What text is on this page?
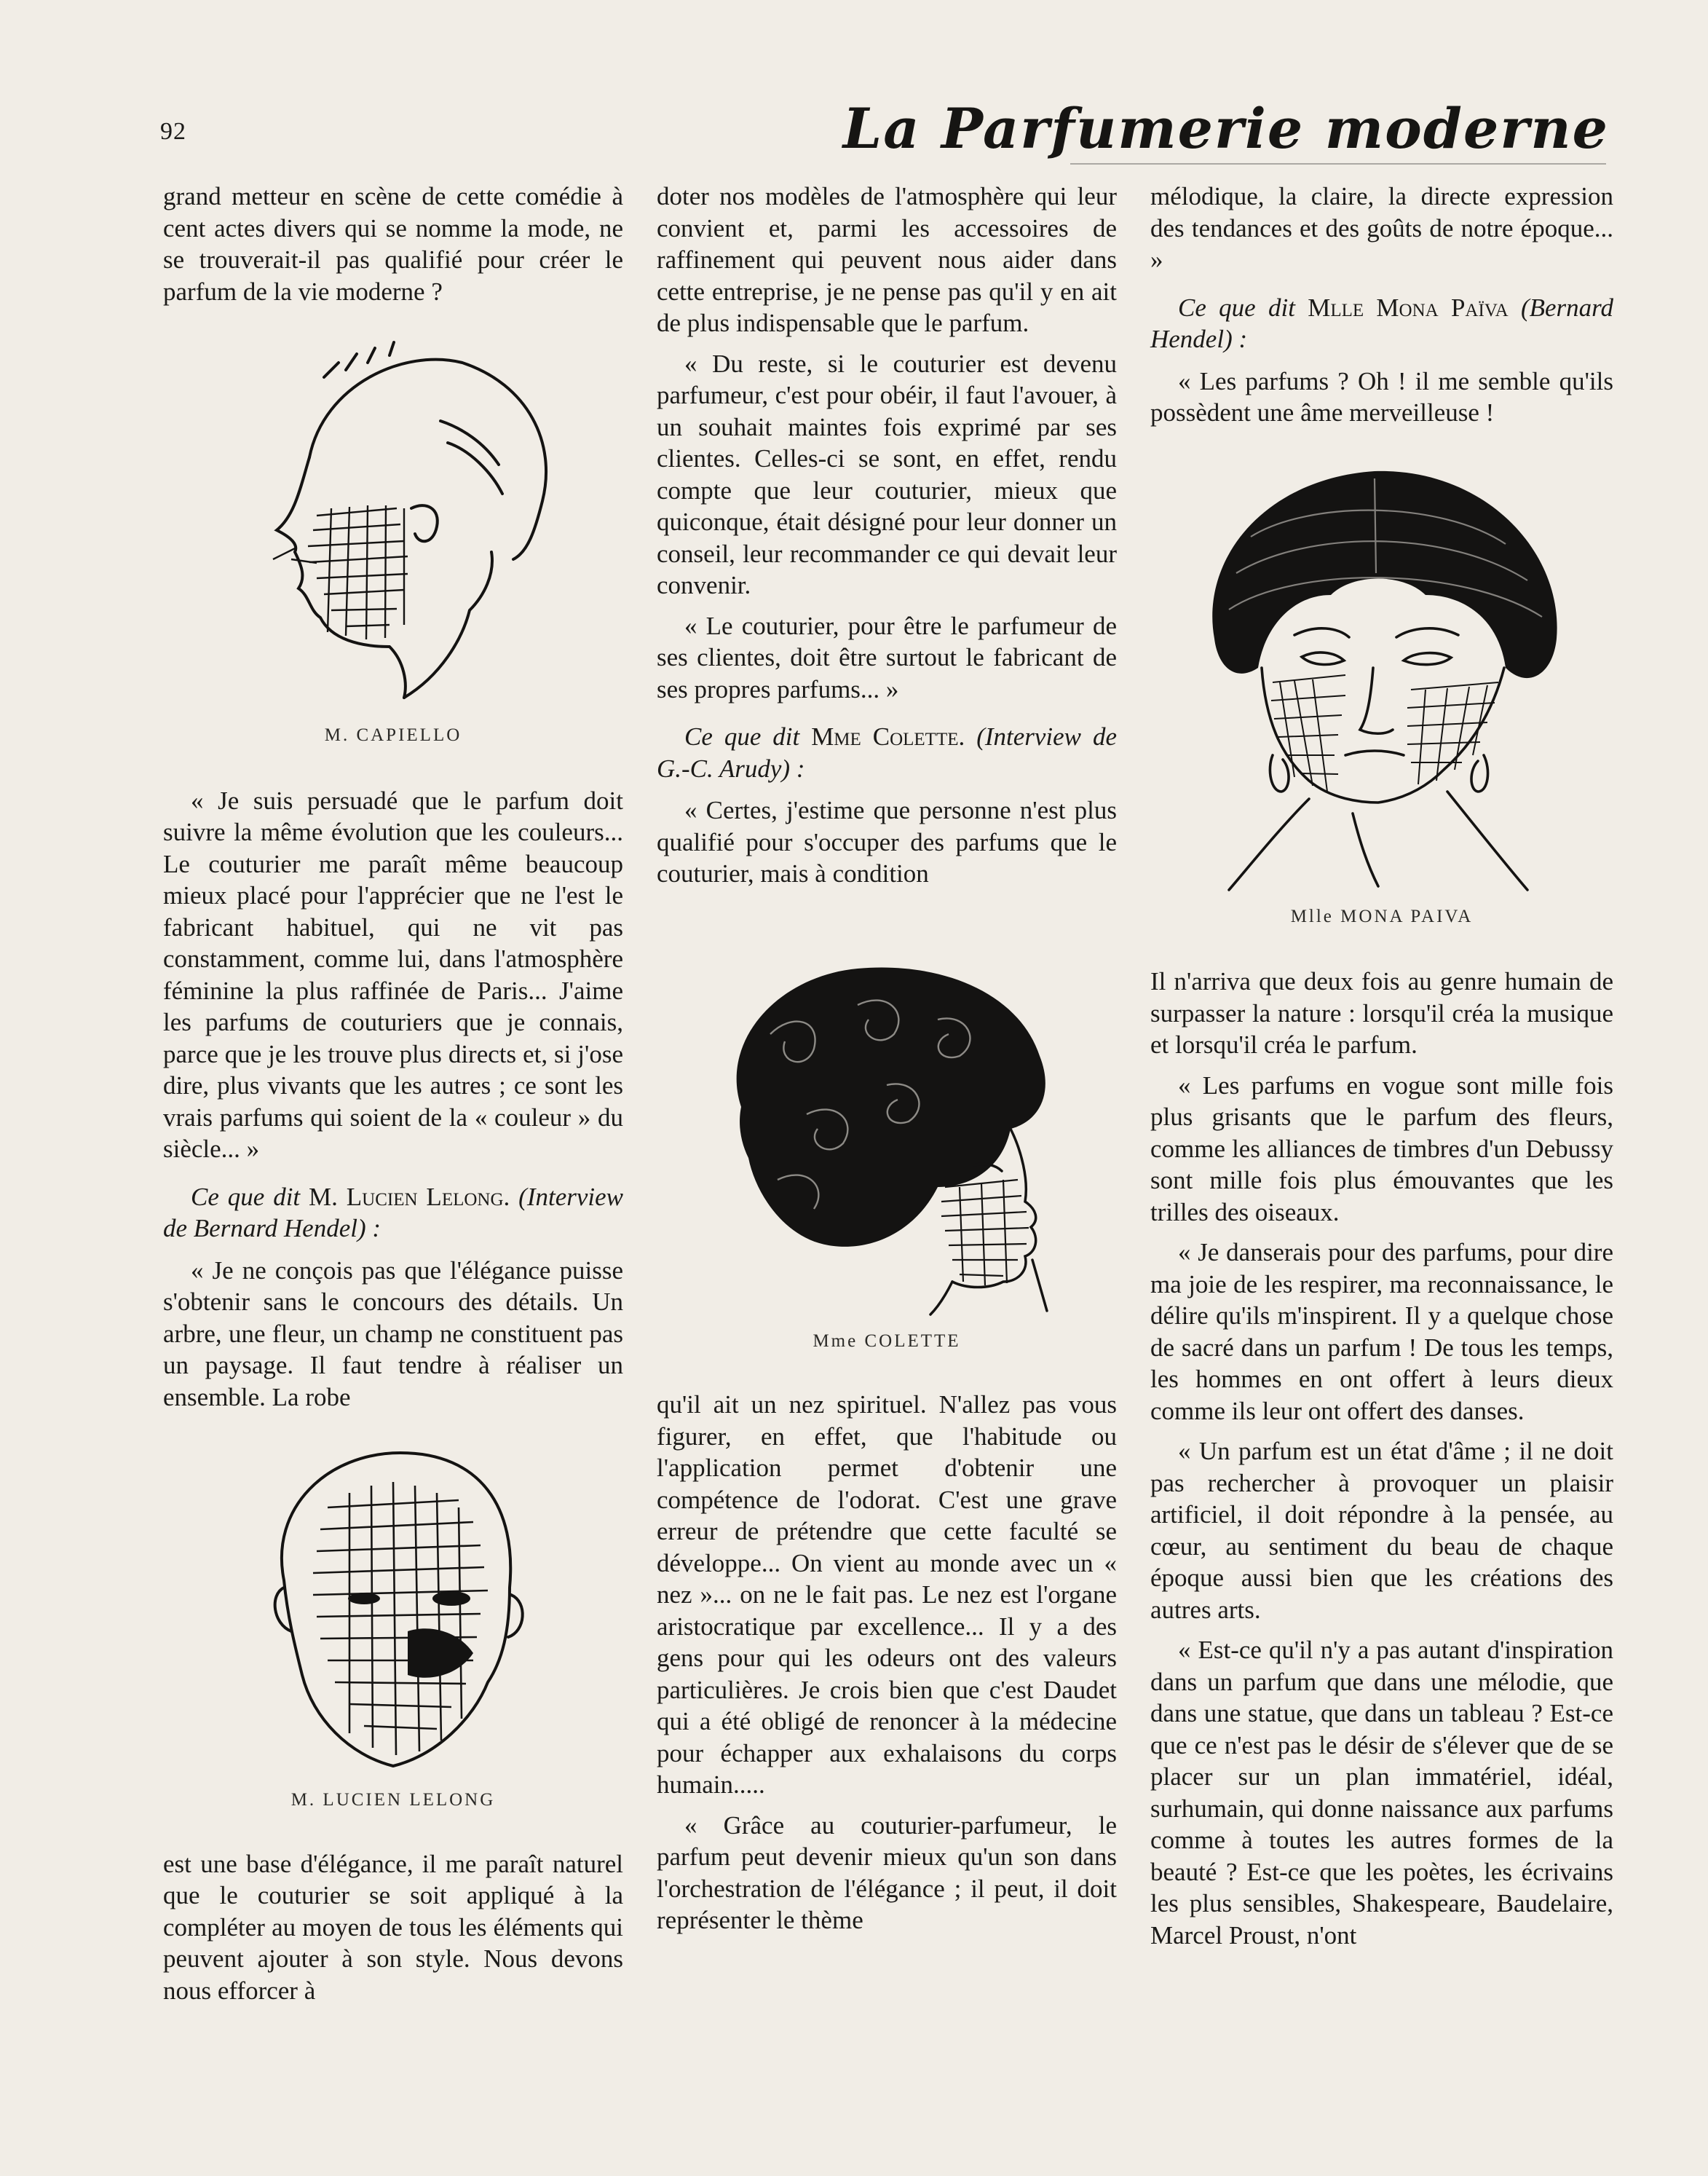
92	La Parfumerie moderne

grand metteur en scène de cette comédie à cent actes divers qui se nomme la mode, ne se trouverait-il pas qualifié pour créer le parfum de la vie moderne ?

M. CAPIELLO

« Je suis persuadé que le parfum doit suivre la même évolution que les couleurs... Le couturier me paraît même beaucoup mieux placé pour l'apprécier que ne l'est le fabricant habituel, qui ne vit pas constamment, comme lui, dans l'atmosphère féminine la plus raffinée de Paris... J'aime les parfums de couturiers que je connais, parce que je les trouve plus directs et, si j'ose dire, plus vivants que les autres ; ce sont les vrais parfums qui soient de la « couleur » du siècle... »

Ce que dit M. Lucien Lelong. (Interview de Bernard Hendel) :

« Je ne conçois pas que l'élégance puisse s'obtenir sans le concours des détails. Un arbre, une fleur, un champ ne constituent pas un paysage. Il faut tendre à réaliser un ensemble. La robe

M. LUCIEN LELONG

est une base d'élégance, il me paraît naturel que le couturier se soit appliqué à la compléter au moyen de tous les éléments qui peuvent ajouter à son style. Nous devons nous efforcer à

doter nos modèles de l'atmosphère qui leur convient et, parmi les accessoires de raffinement qui peuvent nous aider dans cette entreprise, je ne pense pas qu'il y en ait de plus indispensable que le parfum.

« Du reste, si le couturier est devenu parfumeur, c'est pour obéir, il faut l'avouer, à un souhait maintes fois exprimé par ses clientes. Celles-ci se sont, en effet, rendu compte que leur couturier, mieux que quiconque, était désigné pour leur donner un conseil, leur recommander ce qui devait leur convenir.

« Le couturier, pour être le parfumeur de ses clientes, doit être surtout le fabricant de ses propres parfums... »

Ce que dit Mme Colette. (Interview de G.-C. Arudy) :

« Certes, j'estime que personne n'est plus qualifié pour s'occuper des parfums que le couturier, mais à condition

Mme COLETTE

qu'il ait un nez spirituel. N'allez pas vous figurer, en effet, que l'habitude ou l'application permet d'obtenir une compétence de l'odorat. C'est une grave erreur de prétendre que cette faculté se développe... On vient au monde avec un « nez »... on ne le fait pas. Le nez est l'organe aristocratique par excellence... Il y a des gens pour qui les odeurs ont des valeurs particulières. Je crois bien que c'est Daudet qui a été obligé de renoncer à la médecine pour échapper aux exhalaisons du corps humain.....

« Grâce au couturier-parfumeur, le parfum peut devenir mieux qu'un son dans l'orchestration de l'élégance ; il peut, il doit représenter le thème

mélodique, la claire, la directe expression des tendances et des goûts de notre époque... »

Ce que dit Mlle Mona Païva (Bernard Hendel) :

« Les parfums ? Oh ! il me semble qu'ils possèdent une âme merveilleuse !

Mlle MONA PAIVA

Il n'arriva que deux fois au genre humain de surpasser la nature : lorsqu'il créa la musique et lorsqu'il créa le parfum.

« Les parfums en vogue sont mille fois plus grisants que le parfum des fleurs, comme les alliances de timbres d'un Debussy sont mille fois plus émouvantes que les trilles des oiseaux.

« Je danserais pour des parfums, pour dire ma joie de les respirer, ma reconnaissance, le délire qu'ils m'inspirent. Il y a quelque chose de sacré dans un parfum ! De tous les temps, les hommes en ont offert à leurs dieux comme ils leur ont offert des danses.

« Un parfum est un état d'âme ; il ne doit pas rechercher à provoquer un plaisir artificiel, il doit répondre à la pensée, au cœur, au sentiment du beau de chaque époque aussi bien que les créations des autres arts.

« Est-ce qu'il n'y a pas autant d'inspiration dans un parfum que dans une mélodie, que dans une statue, que dans un tableau ? Est-ce que ce n'est pas le désir de s'élever que de se placer sur un plan immatériel, idéal, surhumain, qui donne naissance aux parfums comme à toutes les autres formes de la beauté ? Est-ce que les poètes, les écrivains les plus sensibles, Shakespeare, Baudelaire, Marcel Proust, n'ont
